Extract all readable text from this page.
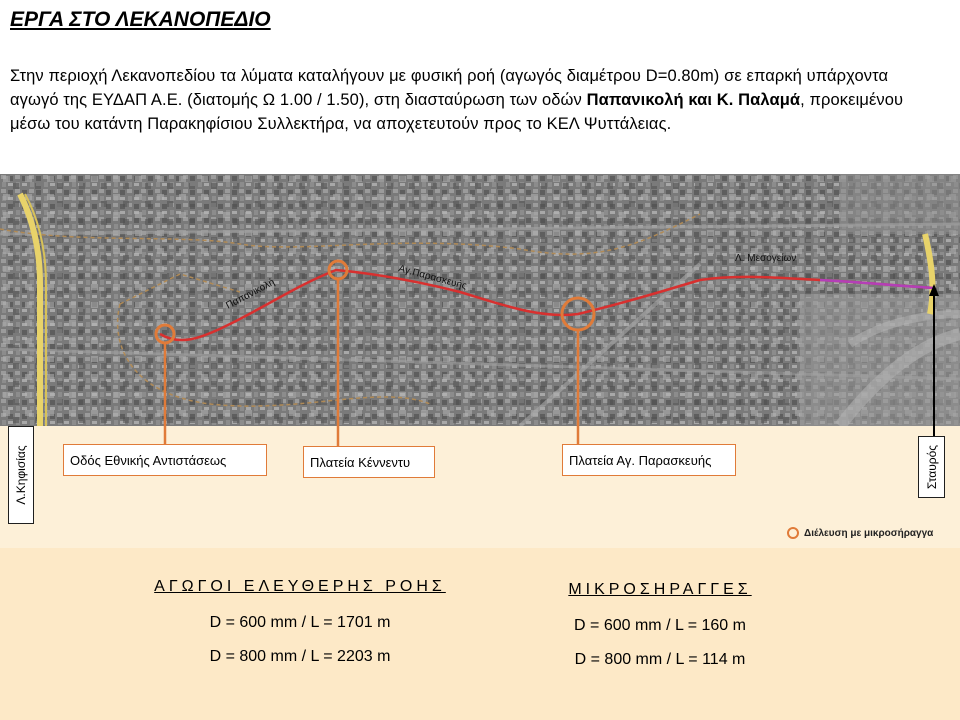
ΕΡΓΑ ΣΤΟ ΛΕΚΑΝΟΠΕΔΙΟ
Στην περιοχή Λεκανοπεδίου τα λύματα καταλήγουν με φυσική ροή (αγωγός διαμέτρου D=0.80m) σε επαρκή υπάρχοντα αγωγό της ΕΥΔΑΠ Α.Ε. (διατομής Ω 1.00 / 1.50), στη διασταύρωση των οδών Παπανικολή και Κ. Παλαμά, προκειμένου μέσω του κατάντη Παρακηφίσιου Συλλεκτήρα, να αποχετευτούν προς το ΚΕΛ Ψυττάλειας.
Παπανικολή	Αγ.Παρασκευής
Λ. Μεσογείων
Οδός Εθνικής Αντιστάσεως	Πλατεία Κέννεντυ	Πλατεία Αγ. Παρασκευής
Λ.Κηφισίας	Σταυρός
Διέλευση με μικροσήραγγα
ΑΓΩΓΟΙ ΕΛΕΥΘΕΡΗΣ ΡΟΗΣ
D = 600 mm / L = 1701 m
D = 800 mm / L = 2203 m
ΜΙΚΡΟΣΗΡΑΓΓΕΣ
D = 600 mm / L = 160 m
D = 800 mm / L = 114 m
